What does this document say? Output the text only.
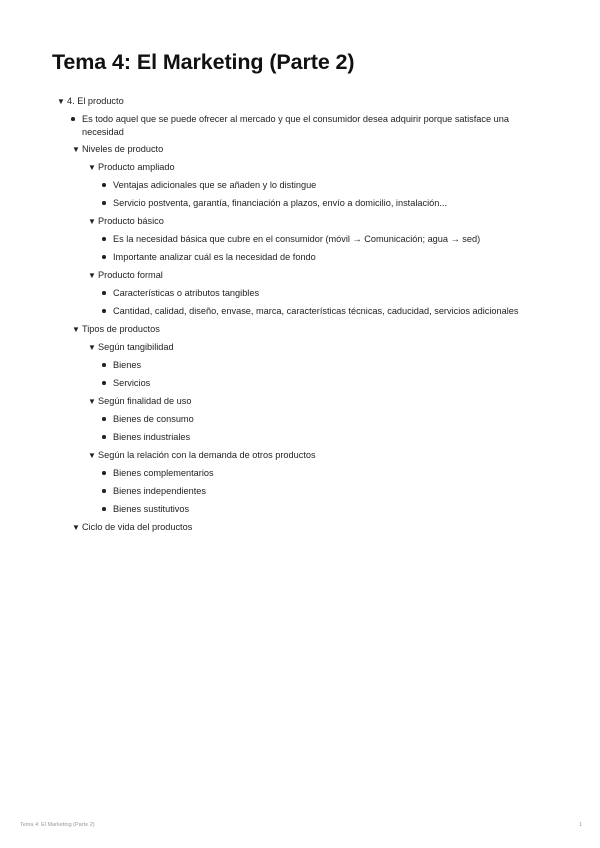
Tema 4: El Marketing (Parte 2)
▼ 4. El producto
Es todo aquel que se puede ofrecer al mercado y que el consumidor desea adquirir porque satisface una necesidad
▼ Niveles de producto
▼ Producto ampliado
Ventajas adicionales que se añaden y lo distingue
Servicio postventa, garantía, financiación a plazos, envío a domicilio, instalación...
▼ Producto básico
Es la necesidad básica que cubre en el consumidor (móvil → Comunicación; agua → sed)
Importante analizar cuál es la necesidad de fondo
▼ Producto formal
Características o atributos tangibles
Cantidad, calidad, diseño, envase, marca, características técnicas, caducidad, servicios adicionales
▼ Tipos de productos
▼ Según tangibilidad
Bienes
Servicios
▼ Según finalidad de uso
Bienes de consumo
Bienes industriales
▼ Según la relación con la demanda de otros productos
Bienes complementarios
Bienes independientes
Bienes sustitutivos
▼ Ciclo de vida del productos
Tema 4: El Marketing (Parte 2)	1
